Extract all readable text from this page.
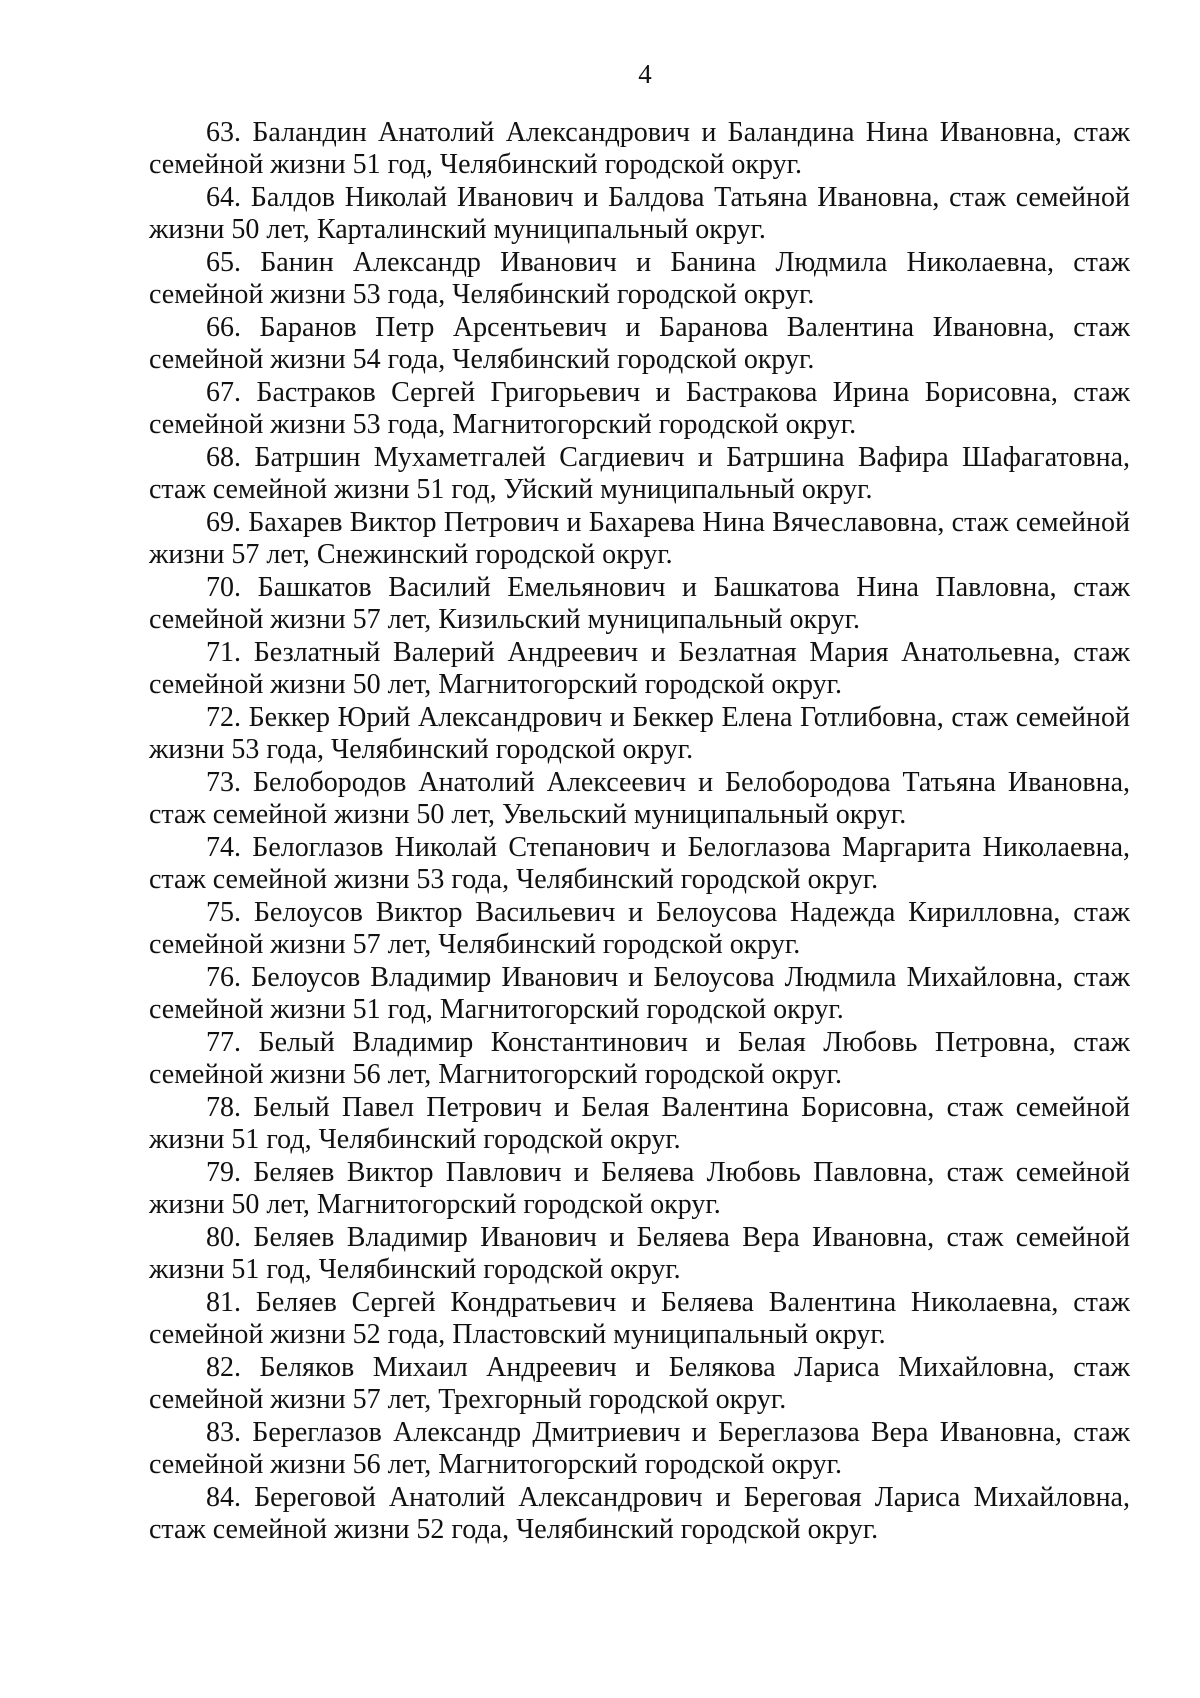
4

63. Баландин Анатолий Александрович и Баландина Нина Ивановна, стаж семейной жизни 51 год, Челябинский городской округ.
64. Балдов Николай Иванович и Балдова Татьяна Ивановна, стаж семейной жизни 50 лет, Карталинский муниципальный округ.
65. Банин Александр Иванович и Банина Людмила Николаевна, стаж семейной жизни 53 года, Челябинский городской округ.
66. Баранов Петр Арсентьевич и Баранова Валентина Ивановна, стаж семейной жизни 54 года, Челябинский городской округ.
67. Бастраков Сергей Григорьевич и Бастракова Ирина Борисовна, стаж семейной жизни 53 года, Магнитогорский городской округ.
68. Батршин Мухаметгалей Сагдиевич и Батршина Вафира Шафагатовна, стаж семейной жизни 51 год, Уйский муниципальный округ.
69. Бахарев Виктор Петрович и Бахарева Нина Вячеславовна, стаж семейной жизни 57 лет, Снежинский городской округ.
70. Башкатов Василий Емельянович и Башкатова Нина Павловна, стаж семейной жизни 57 лет, Кизильский муниципальный округ.
71. Безлатный Валерий Андреевич и Безлатная Мария Анатольевна, стаж семейной жизни 50 лет, Магнитогорский городской округ.
72. Беккер Юрий Александрович и Беккер Елена Готлибовна, стаж семейной жизни 53 года, Челябинский городской округ.
73. Белобородов Анатолий Алексеевич и Белобородова Татьяна Ивановна, стаж семейной жизни 50 лет, Увельский муниципальный округ.
74. Белоглазов Николай Степанович и Белоглазова Маргарита Николаевна, стаж семейной жизни 53 года, Челябинский городской округ.
75. Белоусов Виктор Васильевич и Белоусова Надежда Кирилловна, стаж семейной жизни 57 лет, Челябинский городской округ.
76. Белоусов Владимир Иванович и Белоусова Людмила Михайловна, стаж семейной жизни 51 год, Магнитогорский городской округ.
77. Белый Владимир Константинович и Белая Любовь Петровна, стаж семейной жизни 56 лет, Магнитогорский городской округ.
78. Белый Павел Петрович и Белая Валентина Борисовна, стаж семейной жизни 51 год, Челябинский городской округ.
79. Беляев Виктор Павлович и Беляева Любовь Павловна, стаж семейной жизни 50 лет, Магнитогорский городской округ.
80. Беляев Владимир Иванович и Беляева Вера Ивановна, стаж семейной жизни 51 год, Челябинский городской округ.
81. Беляев Сергей Кондратьевич и Беляева Валентина Николаевна, стаж семейной жизни 52 года, Пластовский муниципальный округ.
82. Беляков Михаил Андреевич и Белякова Лариса Михайловна, стаж семейной жизни 57 лет, Трехгорный городской округ.
83. Береглазов Александр Дмитриевич и Береглазова Вера Ивановна, стаж семейной жизни 56 лет, Магнитогорский городской округ.
84. Береговой Анатолий Александрович и Береговая Лариса Михайловна, стаж семейной жизни 52 года, Челябинский городской округ.
